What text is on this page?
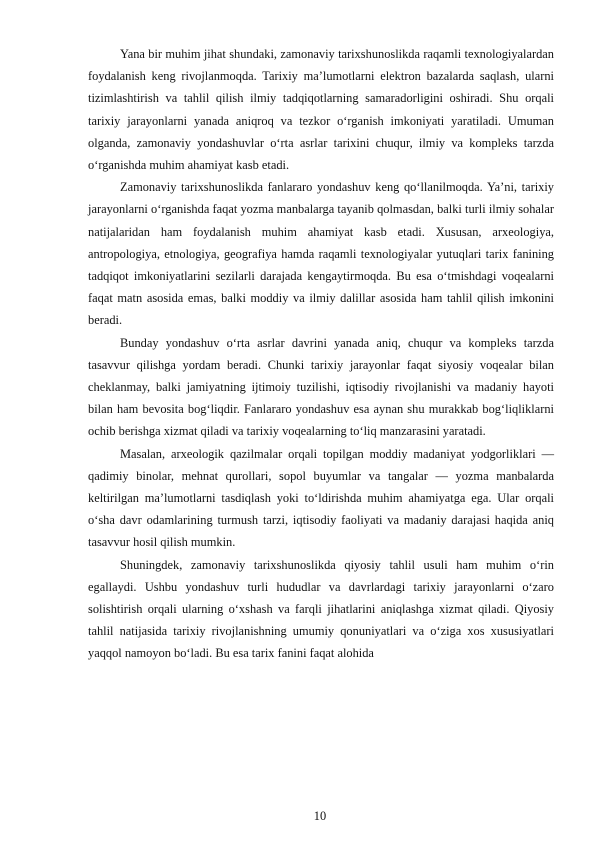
Yana bir muhim jihat shundaki, zamonaviy tarixshunoslikda raqamli texnologiyalardan foydalanish keng rivojlanmoqda. Tarixiy ma’lumotlarni elektron bazalarda saqlash, ularni tizimlashtirish va tahlil qilish ilmiy tadqiqotlarning samaradorligini oshiradi. Shu orqali tarixiy jarayonlarni yanada aniqroq va tezkor o‘rganish imkoniyati yaratiladi. Umuman olganda, zamonaviy yondashuvlar o‘rta asrlar tarixini chuqur, ilmiy va kompleks tarzda o‘rganishda muhim ahamiyat kasb etadi.

Zamonaviy tarixshunoslikda fanlararo yondashuv keng qo‘llanilmoqda. Ya’ni, tarixiy jarayonlarni o‘rganishda faqat yozma manbalarga tayanib qolmasdan, balki turli ilmiy sohalar natijalaridan ham foydalanish muhim ahamiyat kasb etadi. Xususan, arxeologiya, antropologiya, etnologiya, geografiya hamda raqamli texnologiyalar yutuqlari tarix fanining tadqiqot imkoniyatlarini sezilarli darajada kengaytirmoqda. Bu esa o‘tmishdagi voqealarni faqat matn asosida emas, balki moddiy va ilmiy dalillar asosida ham tahlil qilish imkonini beradi.

Bunday yondashuv o‘rta asrlar davrini yanada aniq, chuqur va kompleks tarzda tasavvur qilishga yordam beradi. Chunki tarixiy jarayonlar faqat siyosiy voqealar bilan cheklanmay, balki jamiyatning ijtimoiy tuzilishi, iqtisodiy rivojlanishi va madaniy hayoti bilan ham bevosita bog‘liqdir. Fanlararo yondashuv esa aynan shu murakkab bog‘liqliklarni ochib berishga xizmat qiladi va tarixiy voqealarning to‘liq manzarasini yaratadi.

Masalan, arxeologik qazilmalar orqali topilgan moddiy madaniyat yodgorliklari — qadimiy binolar, mehnat qurollari, sopol buyumlar va tangalar — yozma manbalarda keltirilgan ma’lumotlarni tasdiqlash yoki to‘ldirishda muhim ahamiyatga ega. Ular orqali o‘sha davr odamlarining turmush tarzi, iqtisodiy faoliyati va madaniy darajasi haqida aniq tasavvur hosil qilish mumkin.

Shuningdek, zamonaviy tarixshunoslikda qiyosiy tahlil usuli ham muhim o‘rin egallaydi. Ushbu yondashuv turli hududlar va davrlardagi tarixiy jarayonlarni o‘zaro solishtirish orqali ularning o‘xshash va farqli jihatlarini aniqlashga xizmat qiladi. Qiyosiy tahlil natijasida tarixiy rivojlanishning umumiy qonuniyatlari va o‘ziga xos xususiyatlari yaqqol namoyon bo‘ladi. Bu esa tarix fanini faqat alohida

10
